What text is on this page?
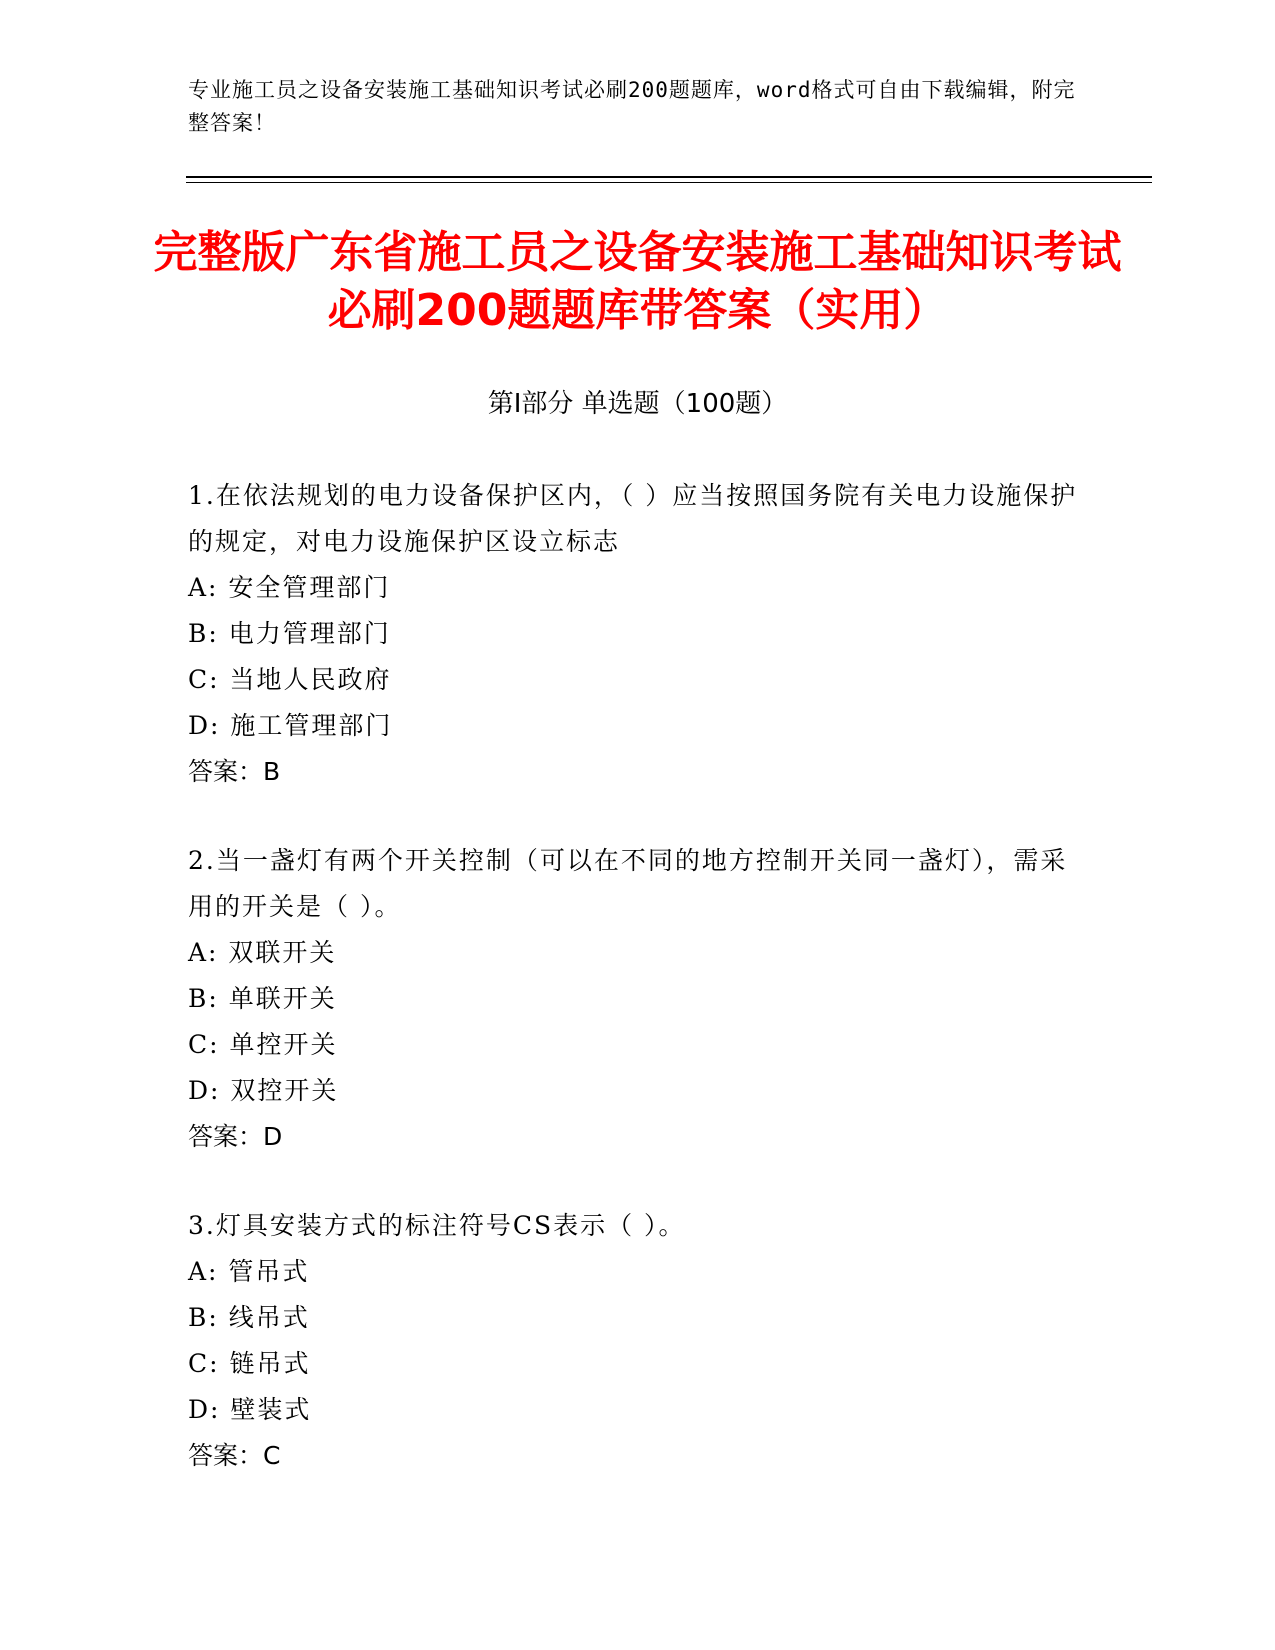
专业施工员之设备安装施工基础知识考试必刷200题题库，word格式可自由下载编辑，附完整答案！
完整版广东省施工员之设备安装施工基础知识考试必刷200题题库带答案（实用）
第I部分 单选题（100题）
1.在依法规划的电力设备保护区内，（ ）应当按照国务院有关电力设施保护的规定，对电力设施保护区设立标志
A: 安全管理部门
B: 电力管理部门
C: 当地人民政府
D: 施工管理部门
答案：B
2.当一盏灯有两个开关控制（可以在不同的地方控制开关同一盏灯），需采用的开关是（ ）。
A: 双联开关
B: 单联开关
C: 单控开关
D: 双控开关
答案：D
3.灯具安装方式的标注符号CS表示（ ）。
A: 管吊式
B: 线吊式
C: 链吊式
D: 壁装式
答案：C
